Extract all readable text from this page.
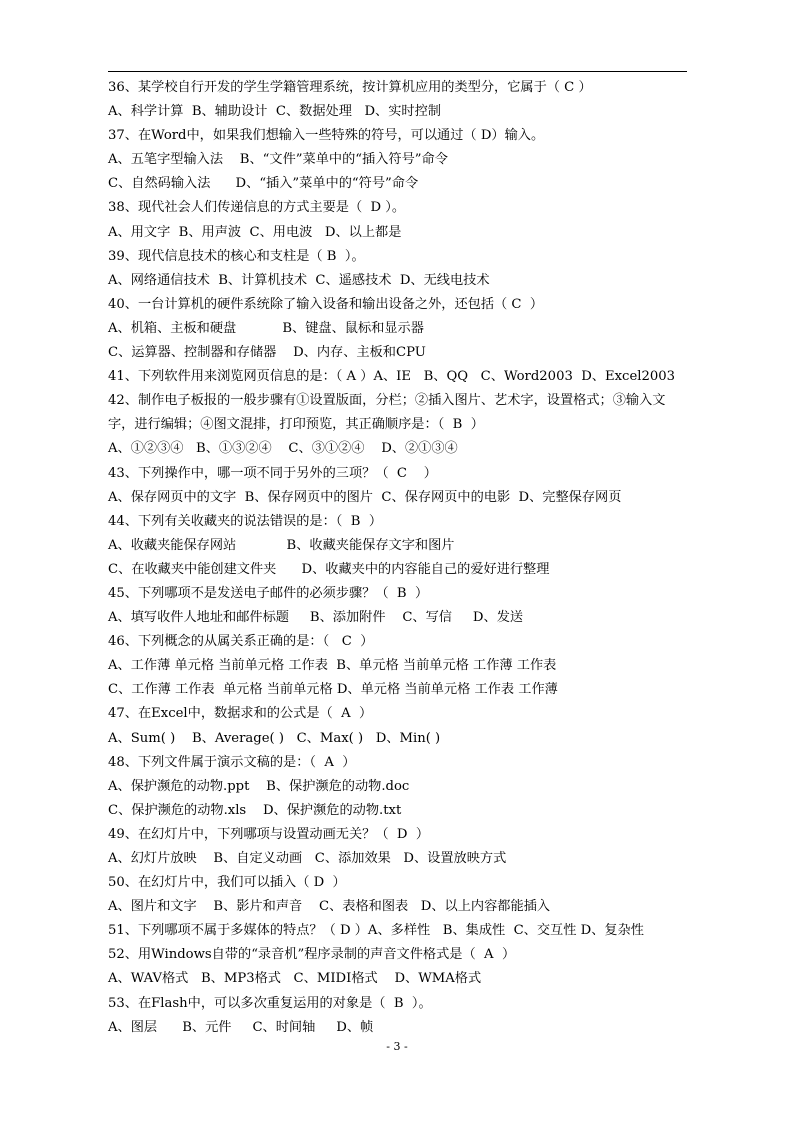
36、某学校自行开发的学生学籍管理系统，按计算机应用的类型分，它属于（ C ）
A、科学计算  B、辅助设计  C、数据处理   D、实时控制
37、在Word中，如果我们想输入一些特殊的符号，可以通过（ D）输入。
A、五笔字型输入法    B、“文件”菜单中的“插入符号”命令
C、自然码输入法      D、“插入”菜单中的“符号”命令
38、现代社会人们传递信息的方式主要是（  D ）。
A、用文字  B、用声波  C、用电波   D、以上都是
39、现代信息技术的核心和支柱是（ B  ）。
A、网络通信技术  B、计算机技术  C、遥感技术  D、无线电技术
40、一台计算机的硬件系统除了输入设备和输出设备之外，还包括（ C  ）
A、机箱、主板和硬盘           B、键盘、鼠标和显示器
C、运算器、控制器和存储器    D、内存、主板和CPU
41、下列软件用来浏览网页信息的是：（ A ）A、IE   B、QQ   C、Word2003  D、Excel2003
42、制作电子板报的一般步骤有①设置版面，分栏；②插入图片、艺术字，设置格式；③输入文
字，进行编辑；④图文混排，打印预览，其正确顺序是：（  B  ）
A、①②③④   B、①③②④    C、③①②④    D、②①③④
43、下列操作中，哪一项不同于另外的三项？（  C    ）
A、保存网页中的文字  B、保存网页中的图片  C、保存网页中的电影  D、完整保存网页
44、下列有关收藏夹的说法错误的是：（  B  ）
A、收藏夹能保存网站            B、收藏夹能保存文字和图片
C、在收藏夹中能创建文件夹      D、收藏夹中的内容能自己的爱好进行整理
45、下列哪项不是发送电子邮件的必须步骤？（  B  ）
A、填写收件人地址和邮件标题     B、添加附件    C、写信     D、发送
46、下列概念的从属关系正确的是：（   C  ）
A、工作薄 单元格 当前单元格 工作表  B、单元格 当前单元格 工作薄 工作表
C、工作薄 工作表  单元格 当前单元格 D、单元格 当前单元格 工作表 工作薄
47、在Excel中，数据求和的公式是（  A  ）
A、Sum( )    B、Average( )   C、Max( )   D、Min( )
48、下列文件属于演示文稿的是：（  A  ）
A、保护濒危的动物.ppt    B、保护濒危的动物.doc
C、保护濒危的动物.xls    D、保护濒危的动物.txt
49、在幻灯片中，下列哪项与设置动画无关？（  D  ）
A、幻灯片放映    B、自定义动画   C、添加效果   D、设置放映方式
50、在幻灯片中，我们可以插入（ D  ）
A、图片和文字    B、影片和声音    C、表格和图表   D、以上内容都能插入
51、下列哪项不属于多媒体的特点？（ D ）A、多样性   B、集成性  C、交互性 D、复杂性
52、用Windows自带的“录音机”程序录制的声音文件格式是（  A  ）
A、WAV格式   B、MP3格式   C、MIDI格式    D、WMA格式
53、在Flash中，可以多次重复运用的对象是（  B  ）。
A、图层      B、元件     C、时间轴     D、帧
- 3 -
